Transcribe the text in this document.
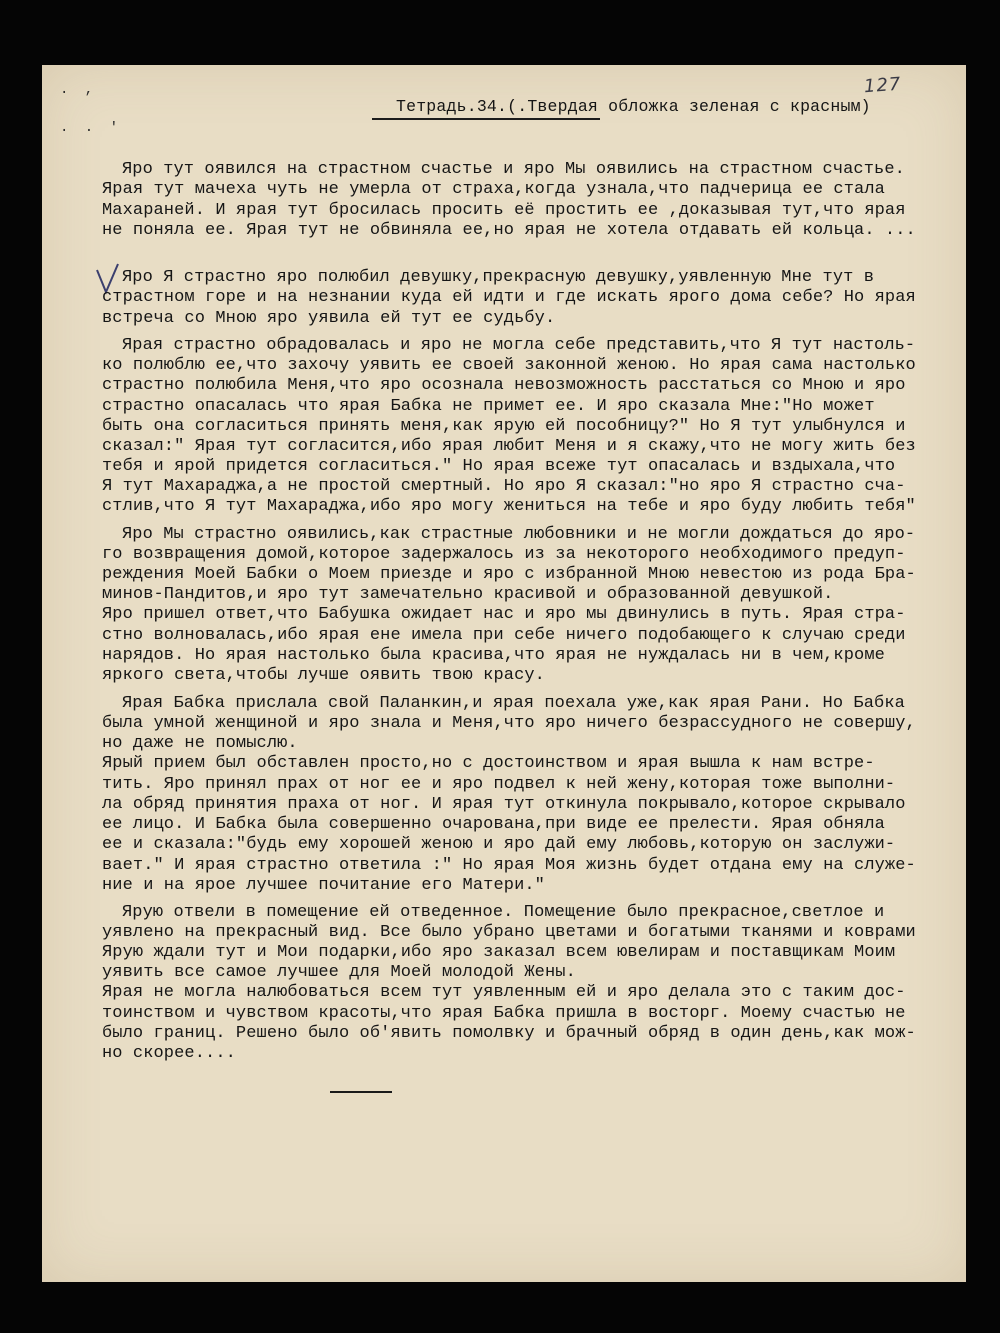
. ,
. . '
127
Тетрадь.34.(.Твердая обложка зеленая с красным)
Яро тут оявился на страстном счастье и яро Мы оявились на страстном счастье.
Ярая тут мачеха чуть не умерла от страха,когда узнала,что падчерица ее стала
Махараней. И ярая тут бросилась просить её простить ее ,доказывая тут,что ярая
не поняла ее. Ярая тут не обвиняла ее,но ярая не хотела отдавать ей кольца. ...
Яро Я страстно яро полюбил девушку,прекрасную девушку,уявленную Мне тут в
страстном горе и на незнании куда ей идти и где искать ярого дома себе? Но ярая
встреча со Мною яро уявила ей тут ее судьбу.
Ярая страстно обрадовалась и яро не могла себе представить,что Я тут настоль-
ко полюблю ее,что захочу уявить ее своей законной женою. Но ярая сама настолько
страстно полюбила Меня,что яро осознала невозможность расстаться со Мною и яро
страстно опасалась что ярая Бабка не примет ее. И яро сказала Мне:"Но может
быть она согласиться принять меня,как ярую ей пособницу?" Но Я тут улыбнулся и
сказал:" Ярая тут согласится,ибо ярая любит Меня и я скажу,что не могу жить без
тебя и ярой придется согласиться." Но ярая всеже тут опасалась и вздыхала,что
Я тут Махараджа,а не простой смертный. Но яро Я сказал:"но яро Я страстно сча-
стлив,что Я тут Махараджа,ибо яро могу жениться на тебе и яро буду любить тебя"
Яро Мы страстно оявились,как страстные любовники и не могли дождаться до яро-
го возвращения домой,которое задержалось из за некоторого необходимого предуп-
реждения Моей Бабки о Моем приезде и яро с избранной Мною невестою из рода Бра-
минов-Пандитов,и яро тут замечательно красивой и образованной девушкой.
Яро пришел ответ,что Бабушка ожидает нас и яро мы двинулись в путь. Ярая стра-
стно волновалась,ибо ярая ене имела при себе ничего подобающего к случаю среди
нарядов. Но ярая настолько была красива,что ярая не нуждалась ни в чем,кроме
яркого света,чтобы лучше оявить твою красу.
Ярая Бабка прислала свой Паланкин,и ярая поехала уже,как ярая Рани. Но Бабка
была умной женщиной и яро знала и Меня,что яро ничего безрассудного не совершу,
но даже не помыслю.
Ярый прием был обставлен просто,но с достоинством и ярая вышла к нам встре-
тить. Яро принял прах от ног ее и яро подвел к ней жену,которая тоже выполни-
ла обряд принятия праха от ног. И ярая тут откинула покрывало,которое скрывало
ее лицо. И Бабка была совершенно очарована,при виде ее прелести. Ярая обняла
ее и сказала:"будь ему хорошей женою и яро дай ему любовь,которую он заслужи-
вает." И ярая страстно ответила :" Но ярая Моя жизнь будет отдана ему на служе-
ние и на ярое лучшее почитание его Матери."
Ярую отвели в помещение ей отведенное. Помещение было прекрасное,светлое и
уявлено на прекрасный вид. Все было убрано цветами и богатыми тканями и коврами
Ярую ждали тут и Мои подарки,ибо яро заказал всем ювелирам и поставщикам Моим
уявить все самое лучшее для Моей молодой Жены.
Ярая не могла налюбоваться всем тут уявленным ей и яро делала это с таким дос-
тоинством и чувством красоты,что ярая Бабка пришла в восторг. Моему счастью не
было границ. Решено было об'явить помолвку и брачный обряд в один день,как мож-
но скорее....
